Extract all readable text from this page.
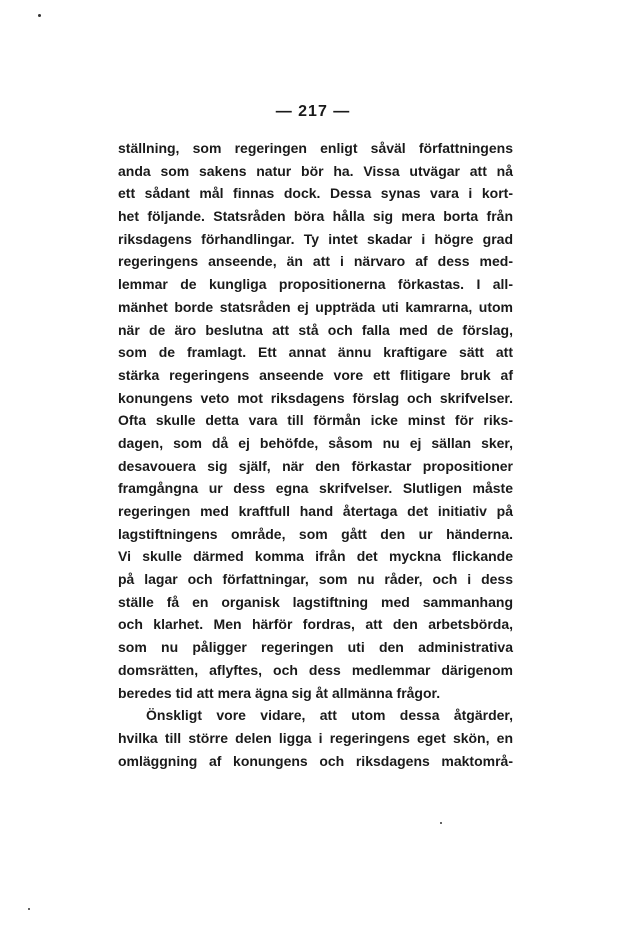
— 217 —
ställning, som regeringen enligt såväl författningens
anda som sakens natur bör ha. Vissa utvägar att nå
ett sådant mål finnas dock. Dessa synas vara i kort-
het följande. Statsråden böra hålla sig mera borta från
riksdagens förhandlingar. Ty intet skadar i högre grad
regeringens anseende, än att i närvaro af dess med-
lemmar de kungliga propositionerna förkastas. I all-
mänhet borde statsråden ej uppträda uti kamrarna, utom
när de äro beslutna att stå och falla med de förslag,
som de framlagt. Ett annat ännu kraftigare sätt att
stärka regeringens anseende vore ett flitigare bruk af
konungens veto mot riksdagens förslag och skrifvelser.
Ofta skulle detta vara till förmån icke minst för riks-
dagen, som då ej behöfde, såsom nu ej sällan sker,
desavouera sig själf, när den förkastar propositioner
framgångna ur dess egna skrifvelser. Slutligen måste
regeringen med kraftfull hand återtaga det initiativ på
lagstiftningens område, som gått den ur händerna.
Vi skulle därmed komma ifrån det myckna flickande
på lagar och författningar, som nu råder, och i dess
ställe få en organisk lagstiftning med sammanhang
och klarhet. Men härför fordras, att den arbetsbörda,
som nu påligger regeringen uti den administrativa
domsrätten, aflyftes, och dess medlemmar därigenom
beredes tid att mera ägna sig åt allmänna frågor.
Önskligt vore vidare, att utom dessa åtgärder,
hvilka till större delen ligga i regeringens eget skön, en
omläggning af konungens och riksdagens maktområ-
